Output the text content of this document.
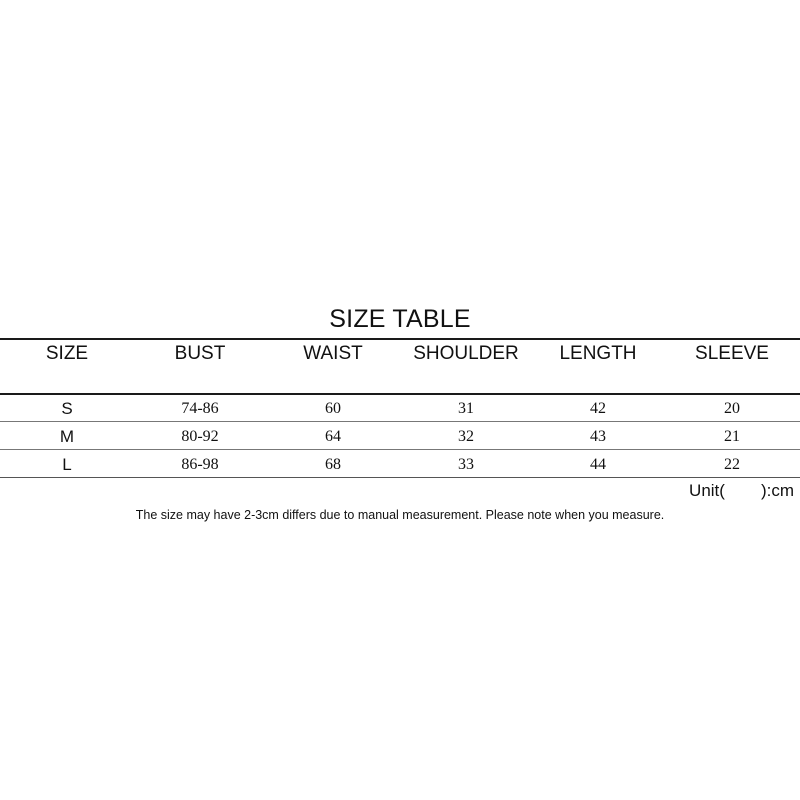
SIZE TABLE
SIZE	BUST	WAIST	SHOULDER	LENGTH	SLEEVE
S	74-86	60	31	42	20
M	80-92	64	32	43	21
L	86-98	68	33	44	22
Unit( ):cm
The size may have 2-3cm differs due to manual measurement. Please note when you measure.
